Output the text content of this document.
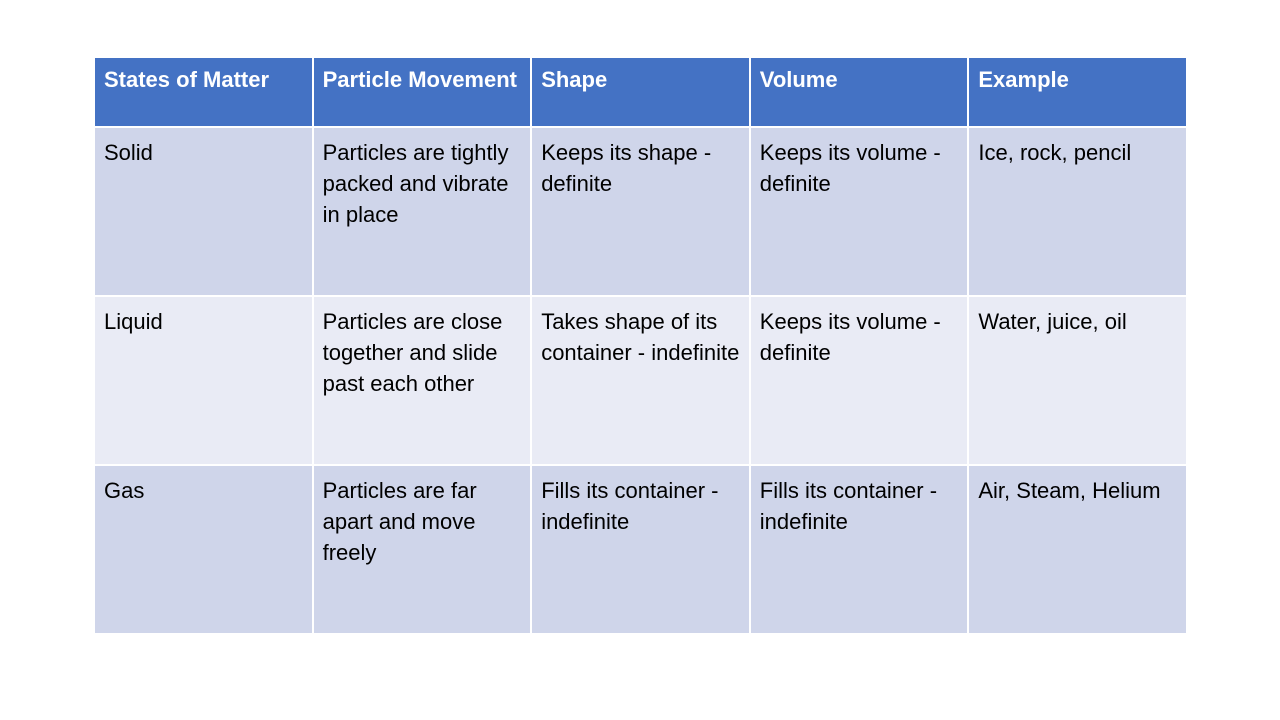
States of Matter	Particle Movement	Shape	Volume	Example
Solid	Particles are tightly packed and vibrate in place	Keeps its shape - definite	Keeps its volume - definite	Ice, rock, pencil
Liquid	Particles are close together and slide past each other	Takes shape of its container - indefinite	Keeps its volume - definite	Water, juice, oil
Gas	Particles are far apart and move freely	Fills its container - indefinite	Fills its container - indefinite	Air, Steam, Helium
